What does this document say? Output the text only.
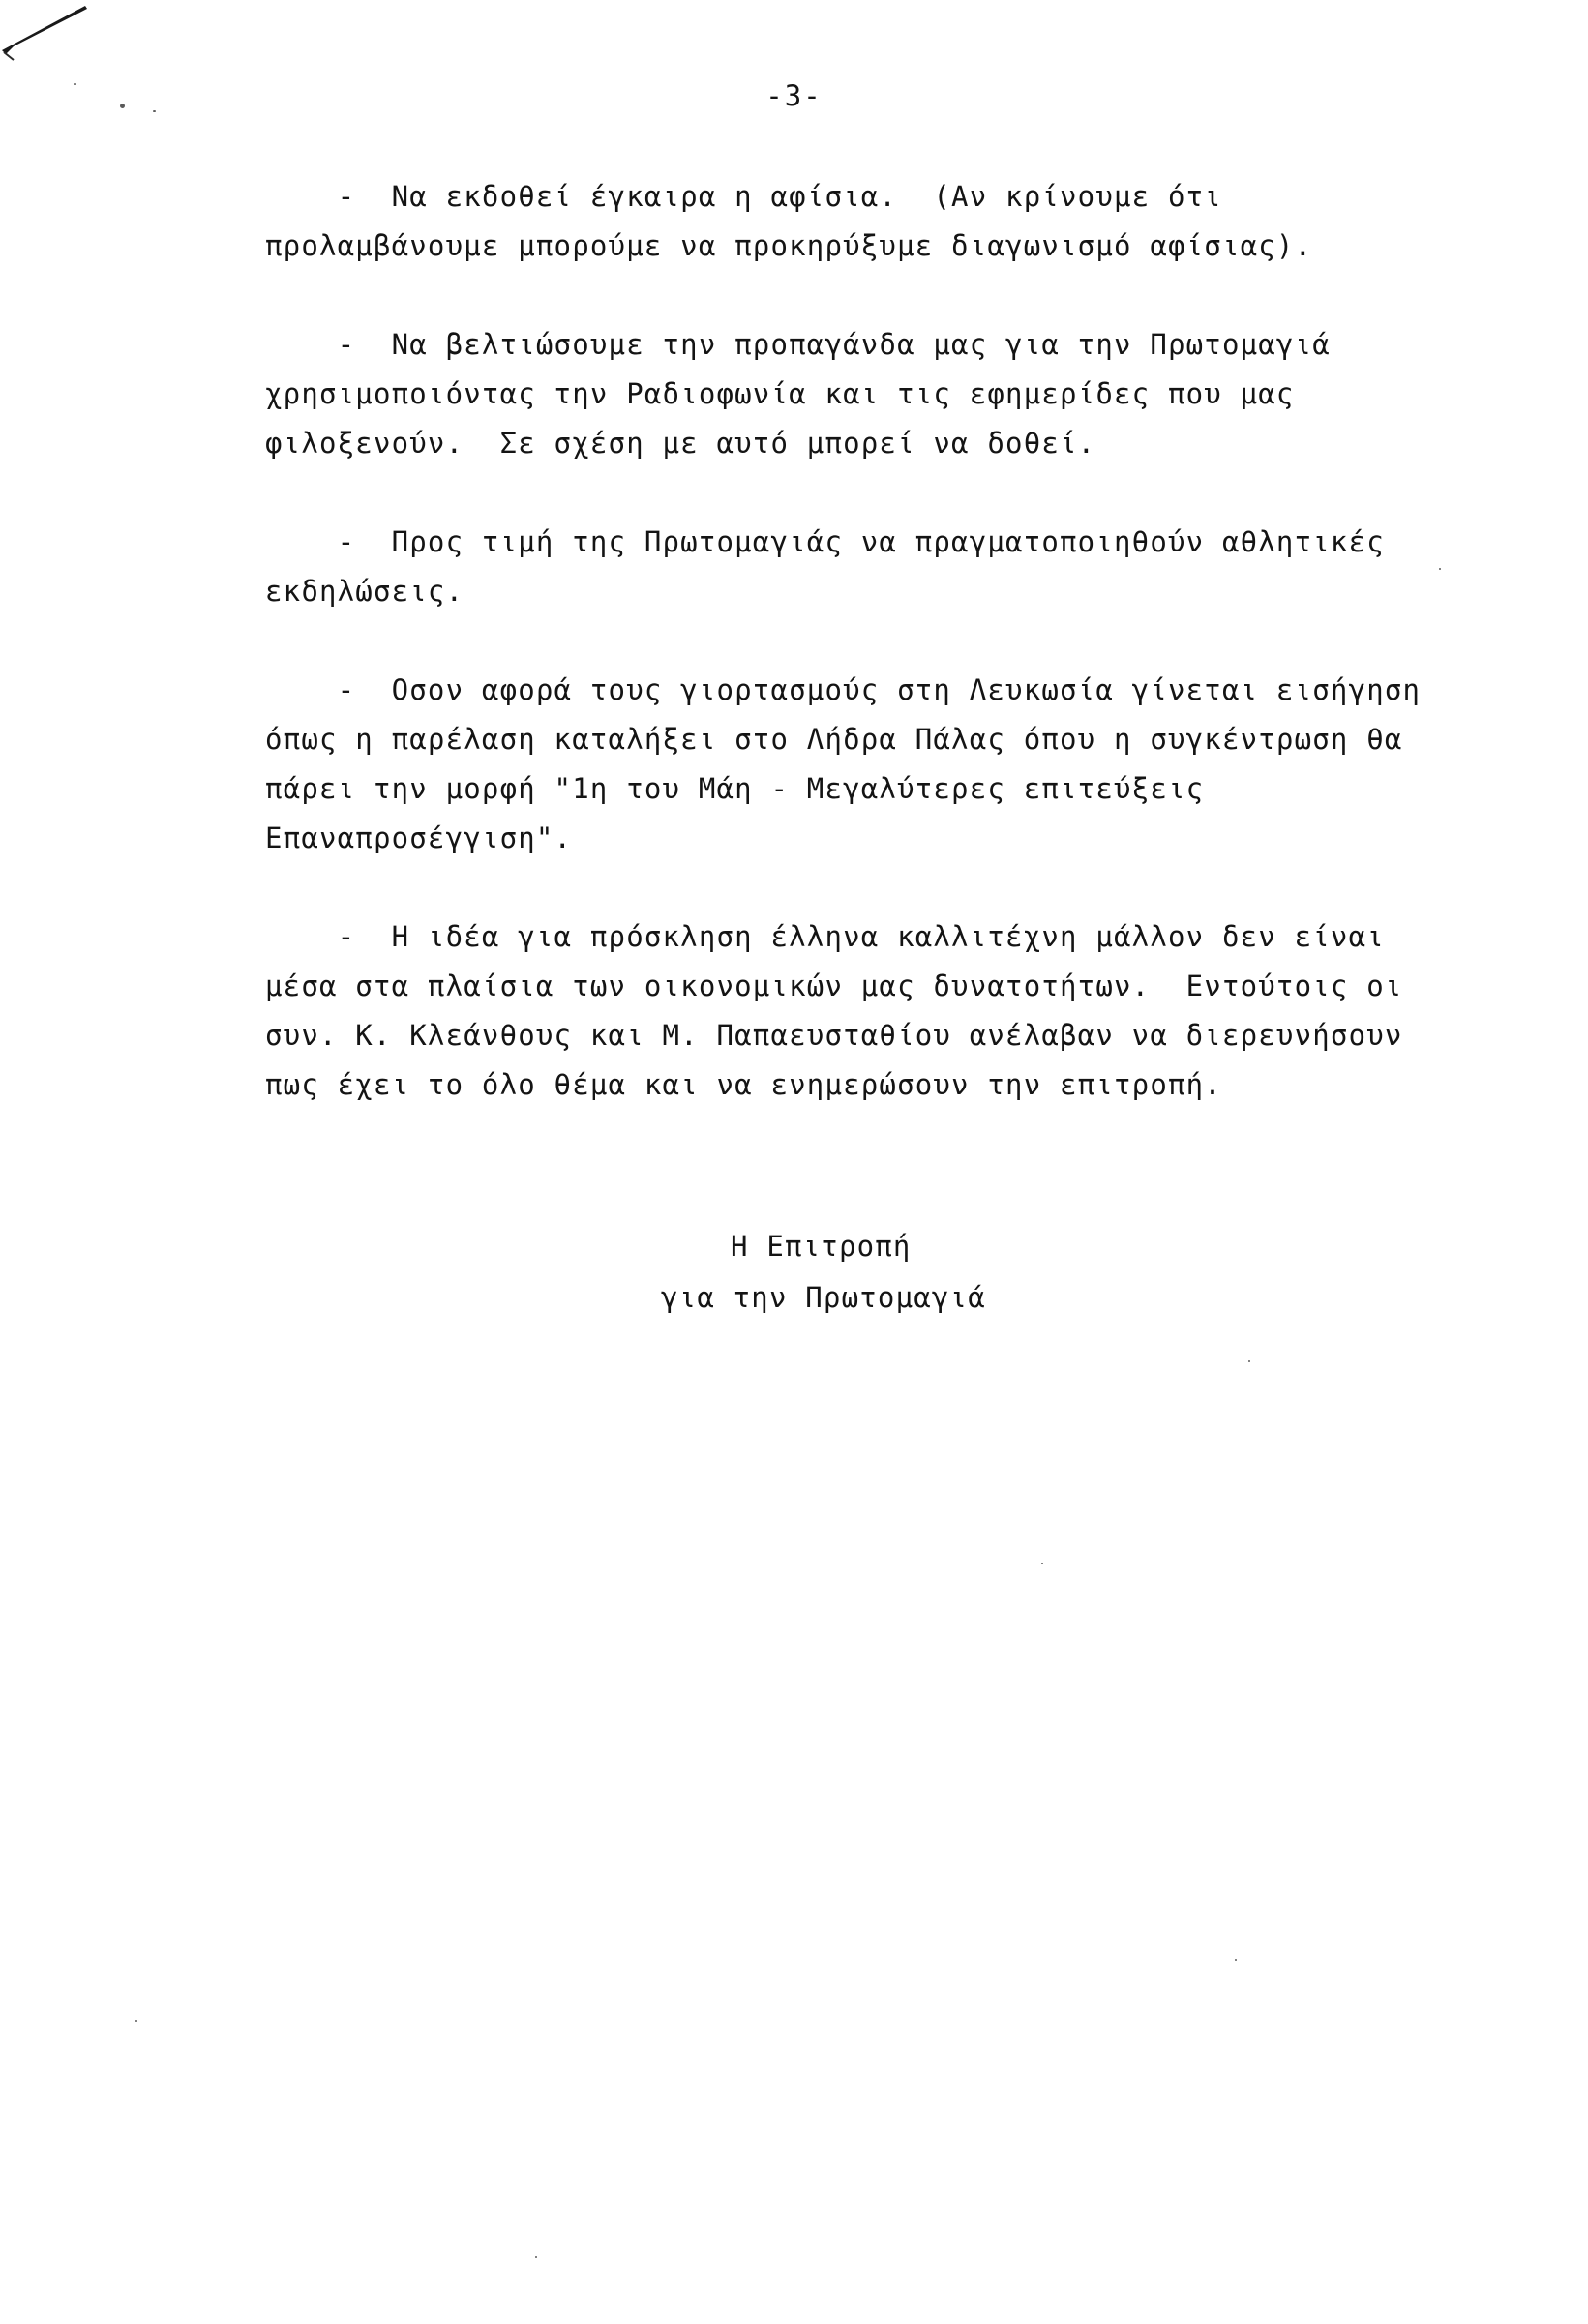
-3-

-  Να εκδοθεί έγκαιρα η αφίσια.  (Αν κρίνουμε ότι
προλαμβάνουμε μπορούμε να προκηρύξυμε διαγωνισμό αφίσιας).

-  Να βελτιώσουμε την προπαγάνδα μας για την Πρωτομαγιά
χρησιμοποιόντας την Ραδιοφωνία και τις εφημερίδες που μας
φιλοξενούν.  Σε σχέση με αυτό μπορεί να δοθεί.

-  Προς τιμή της Πρωτομαγιάς να πραγματοποιηθούν αθλητικές
εκδηλώσεις.

-  Οσον αφορά τους γιορτασμούς στη Λευκωσία γίνεται εισήγηση
όπως η παρέλαση καταλήξει στο Λήδρα Πάλας όπου η συγκέντρωση θα
πάρει την μορφή "1η του Μάη - Μεγαλύτερες επιτεύξεις
Επαναπροσέγγιση".

-  Η ιδέα για πρόσκληση έλληνα καλλιτέχνη μάλλον δεν είναι
μέσα στα πλαίσια των οικονομικών μας δυνατοτήτων.  Εντούτοις οι
συν. Κ. Κλεάνθους και Μ. Παπαευσταθίου ανέλαβαν να διερευνήσουν
πως έχει το όλο θέμα και να ενημερώσουν την επιτροπή.

Η Επιτροπή
για την Πρωτομαγιά
